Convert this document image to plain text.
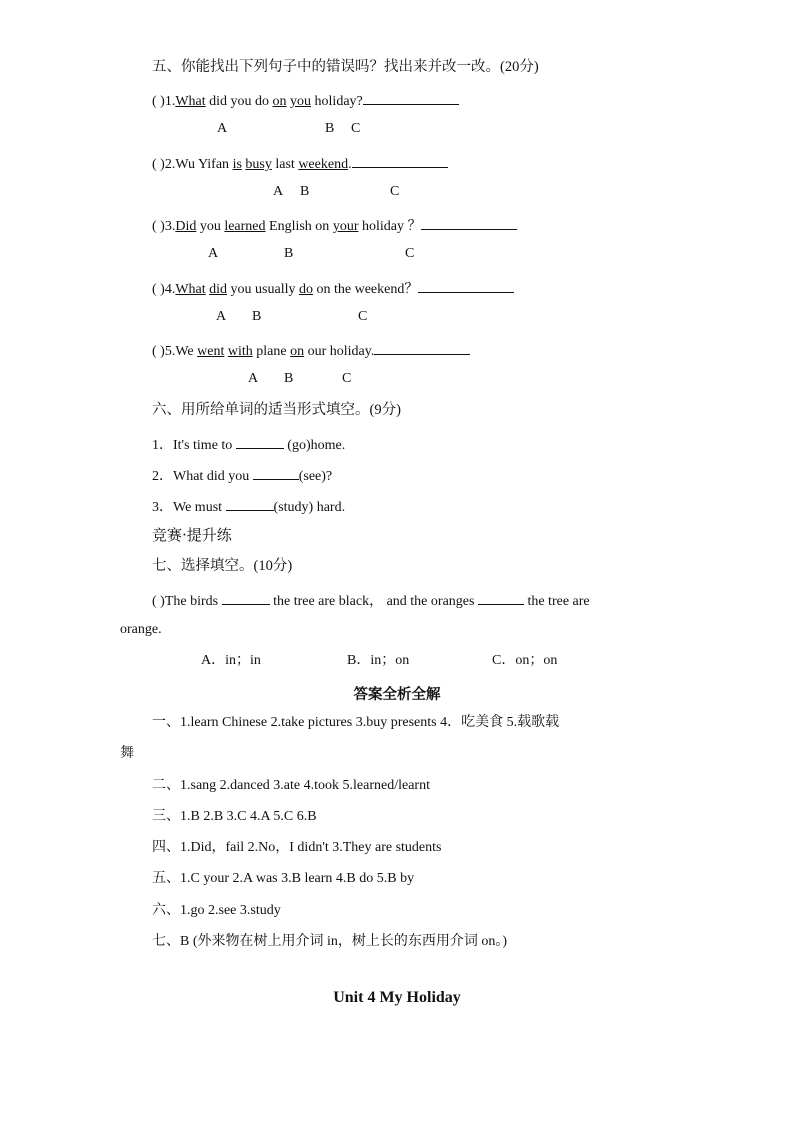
五、你能找出下列句子中的错误吗？找出来并改一改。(20分)
( )1.What did you do on you holiday?
A	B C
( )2.Wu Yifan is busy last weekend.
A B	C
( )3.Did you learned English on your holiday ？
A	B	C
( )4.What did you usually do on the weekend？
A B	C
( )5.We went with plane on our holiday.
A B	C
六、用所给单词的适当形式填空。(9分)
1．It's time to	(go)home.
2．What did you	(see)?
3．We must	(study) hard.
竞赛·提升练
七、选择填空。(10分)
( )The birds	the tree are black， and the oranges	the tree are
orange.
A．in；in	B．in；on	C．on；on
答案全析全解
一、1.learn Chinese 2.take pictures 3.buy presents 4．吃美食 5.载歌载
舞
二、1.sang 2.danced 3.ate 4.took 5.learned/learnt
三、1.B 2.B 3.C 4.A 5.C 6.B
四、1.Did，fail 2.No，I didn't 3.They are students
五、1.C your 2.A was 3.B learn 4.B do 5.B by
六、1.go 2.see 3.study
七、B (外来物在树上用介词 in，树上长的东西用介词 on。)
Unit 4 My Holiday
